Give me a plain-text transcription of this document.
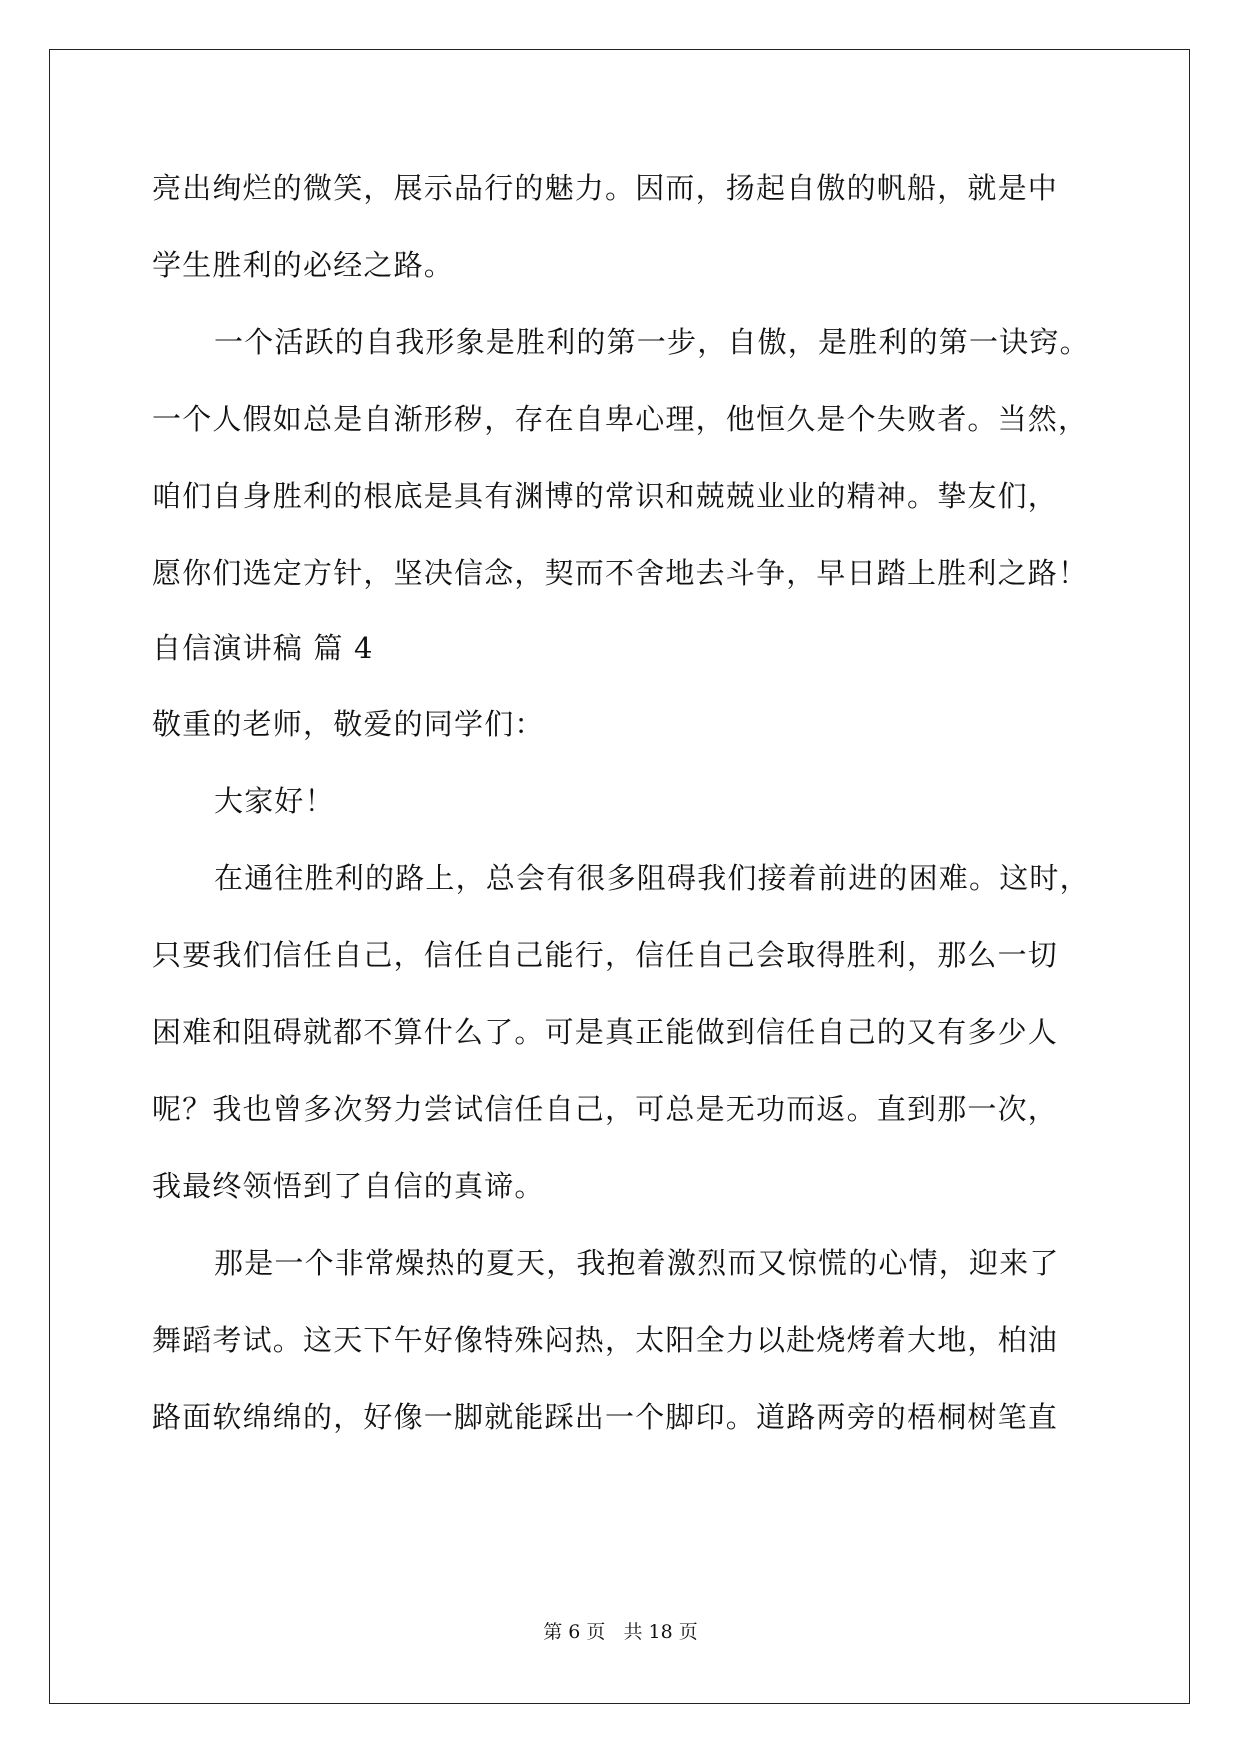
亮出绚烂的微笑，展示品行的魅力。因而，扬起自傲的帆船，就是中
学生胜利的必经之路。
一个活跃的自我形象是胜利的第一步，自傲，是胜利的第一诀窍。
一个人假如总是自渐形秽，存在自卑心理，他恒久是个失败者。当然，
咱们自身胜利的根底是具有渊博的常识和兢兢业业的精神。挚友们，
愿你们选定方针，坚决信念，契而不舍地去斗争，早日踏上胜利之路！
自信演讲稿 篇 4
敬重的老师，敬爱的同学们：
大家好！
在通往胜利的路上，总会有很多阻碍我们接着前进的困难。这时，
只要我们信任自己，信任自己能行，信任自己会取得胜利，那么一切
困难和阻碍就都不算什么了。可是真正能做到信任自己的又有多少人
呢？我也曾多次努力尝试信任自己，可总是无功而返。直到那一次，
我最终领悟到了自信的真谛。
那是一个非常燥热的夏天，我抱着激烈而又惊慌的心情，迎来了
舞蹈考试。这天下午好像特殊闷热，太阳全力以赴烧烤着大地，柏油
路面软绵绵的，好像一脚就能踩出一个脚印。道路两旁的梧桐树笔直
第 6 页   共 18 页
